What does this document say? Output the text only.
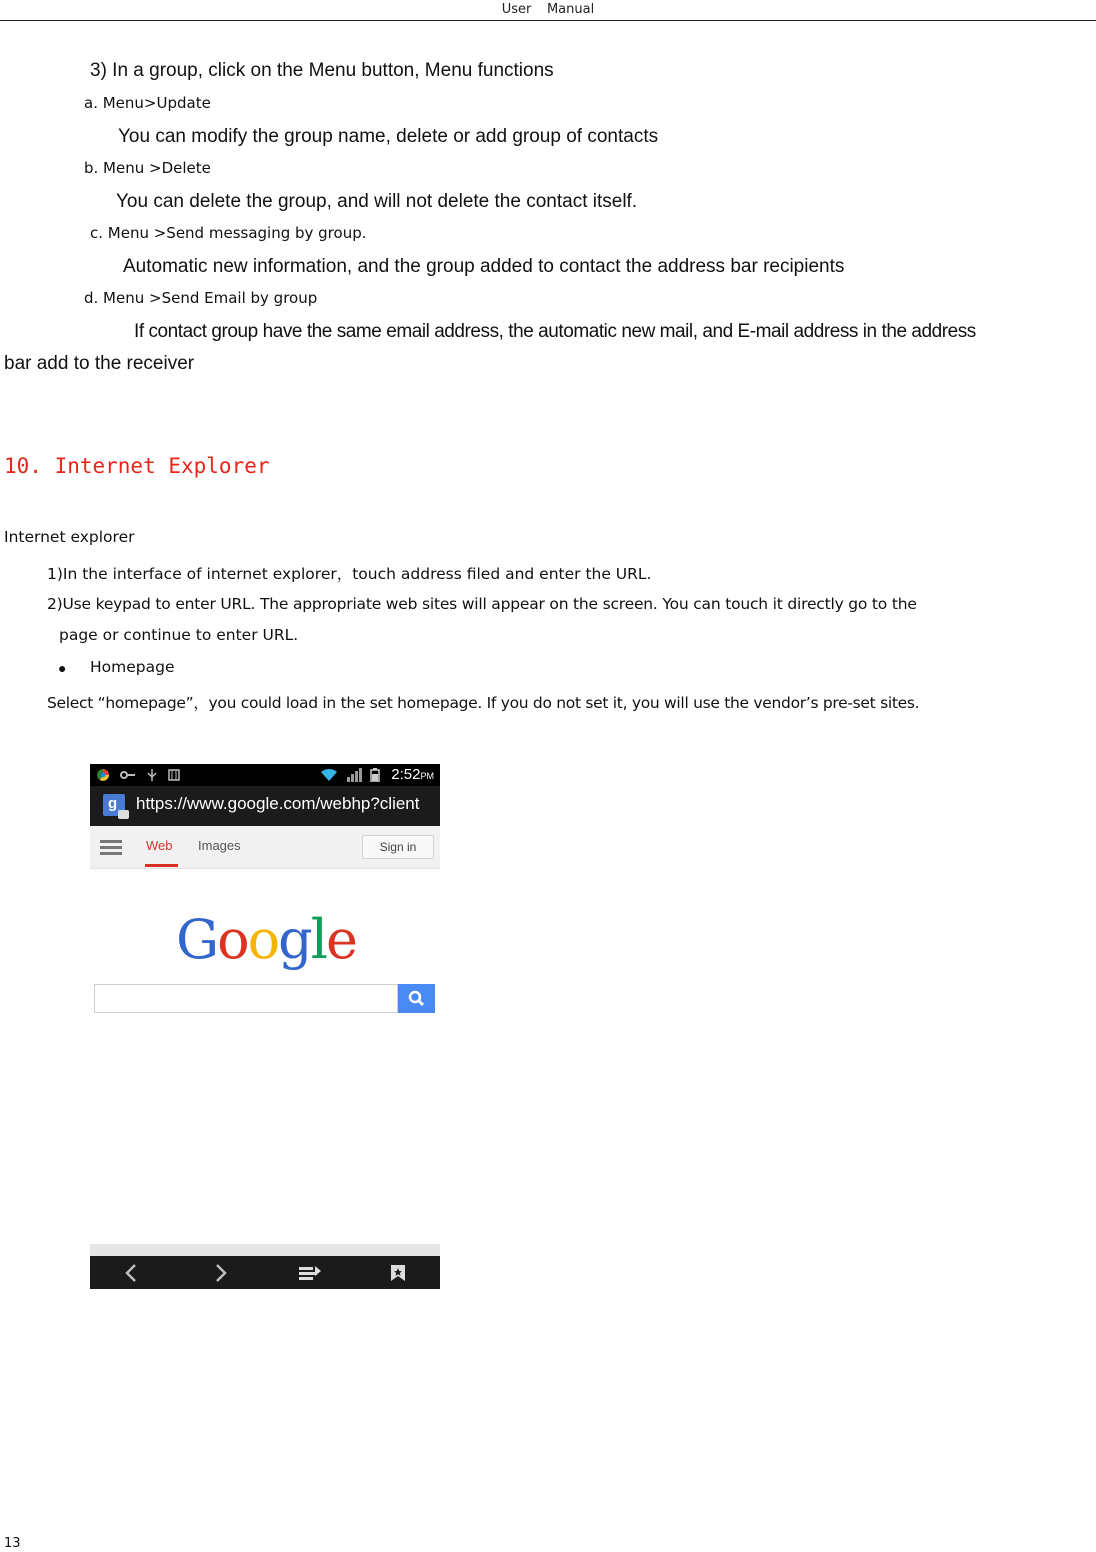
User Manual
3) In a group, click on the Menu button, Menu functions
a. Menu>Update
You can modify the group name, delete or add group of contacts
b. Menu >Delete
You can delete the group, and will not delete the contact itself.
c. Menu >Send messaging by group.
Automatic new information, and the group added to contact the address bar recipients
d. Menu >Send Email by group
If contact group have the same email address, the automatic new mail, and E-mail address in the address
bar add to the receiver
10. Internet Explorer
Internet explorer
1)In the interface of internet explorer，touch address filed and enter the URL.
2)Use keypad to enter URL. The appropriate web sites will appear on the screen. You can touch it directly go to the
page or continue to enter URL.
● Homepage
Select “homepage”，you could load in the set homepage. If you do not set it, you will use the vendor’s pre-set sites.
2:52PM
g https://www.google.com/webhp?client
Web Images	Sign in
Google
13
